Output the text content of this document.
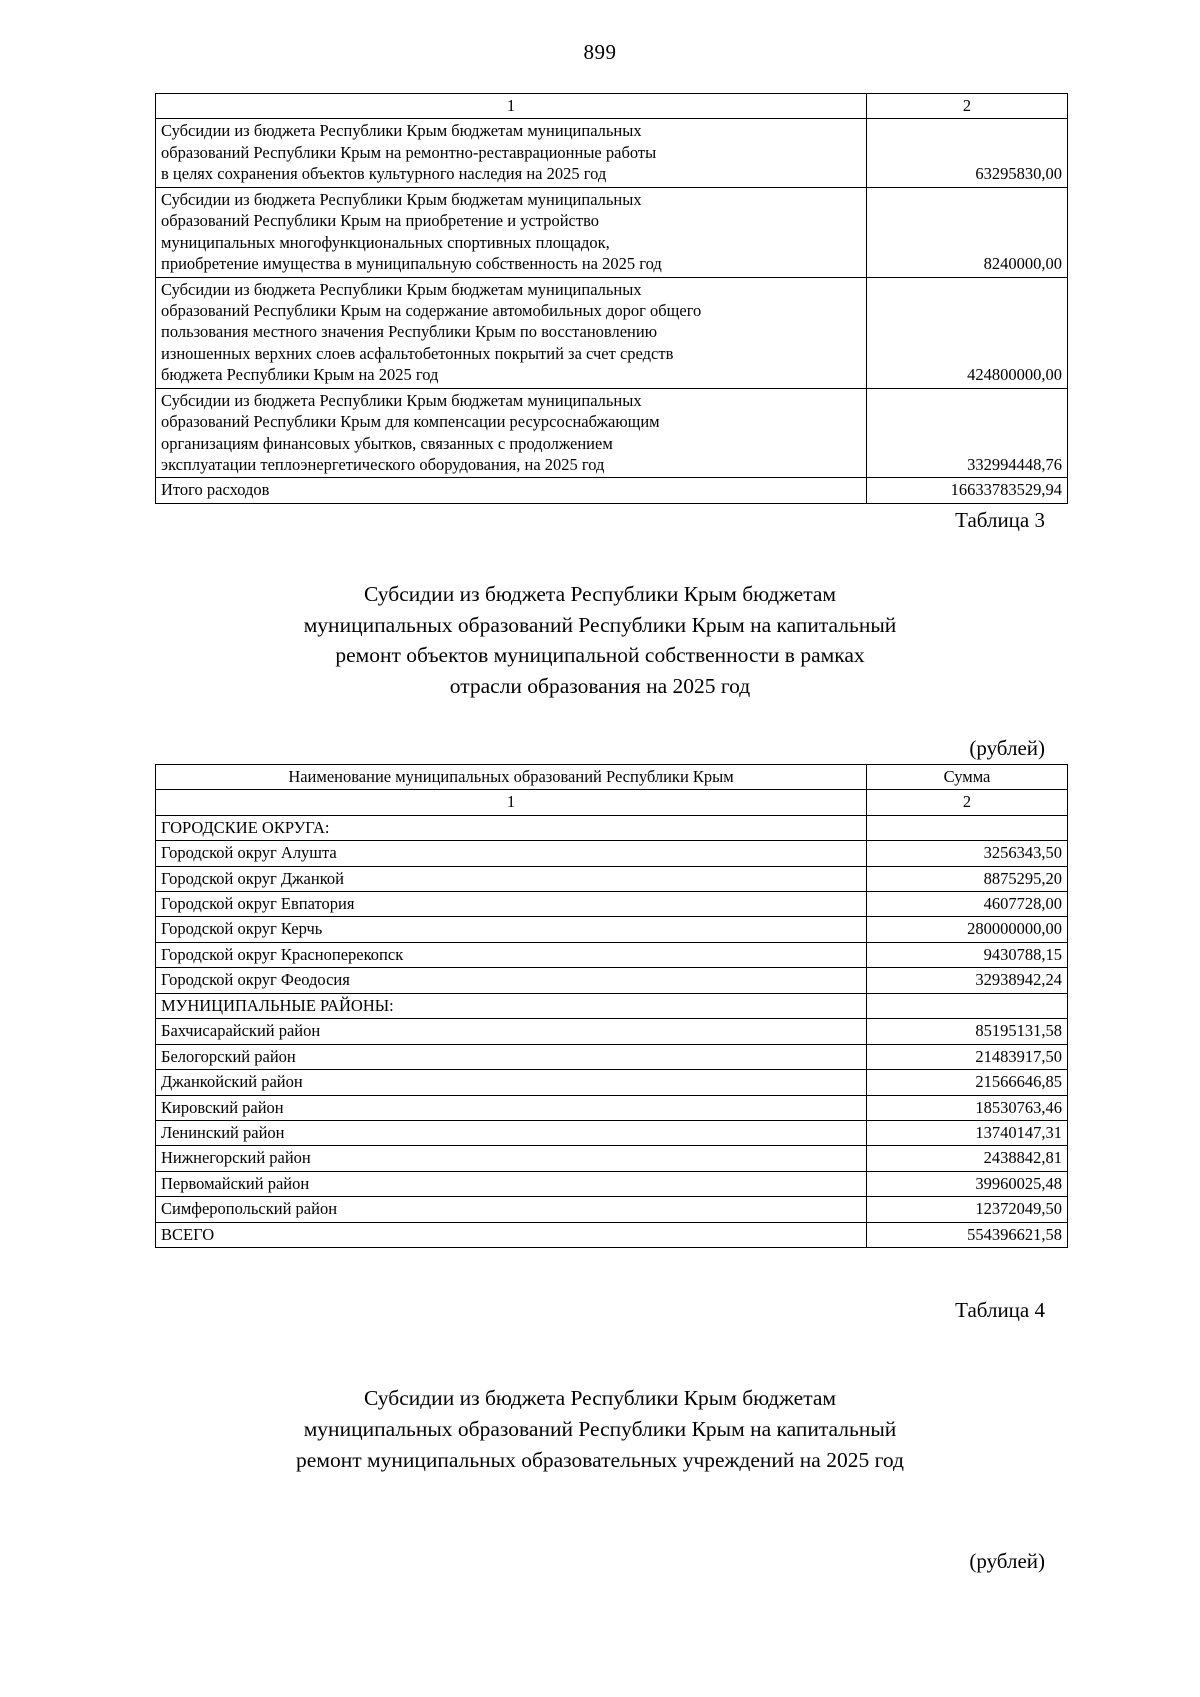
899
1	2

Субсидии из бюджета Республики Крым бюджетам муниципальных
образований Республики Крым на ремонтно-реставрационные работы
в целях сохранения объектов культурного наследия на 2025 год	63295830,00

Субсидии из бюджета Республики Крым бюджетам муниципальных
образований Республики Крым на приобретение и устройство
муниципальных многофункциональных спортивных площадок,
приобретение имущества в муниципальную собственность на 2025 год	8240000,00

Субсидии из бюджета Республики Крым бюджетам муниципальных
образований Республики Крым на содержание автомобильных дорог общего
пользования местного значения Республики Крым по восстановлению
изношенных верхних слоев асфальтобетонных покрытий за счет средств
бюджета Республики Крым на 2025 год	424800000,00

Субсидии из бюджета Республики Крым бюджетам муниципальных
образований Республики Крым для компенсации ресурсоснабжающим
организациям финансовых убытков, связанных с продолжением
эксплуатации теплоэнергетического оборудования, на 2025 год	332994448,76
Итого расходов	16633783529,94
Таблица 3
Субсидии из бюджета Республики Крым бюджетам
муниципальных образований Республики Крым на капитальный
ремонт объектов муниципальной собственности в рамках
отрасли образования на 2025 год
(рублей)
Наименование муниципальных образований Республики Крым	Сумма
1	2
ГОРОДСКИЕ ОКРУГА:	
Городской округ Алушта	3256343,50
Городской округ Джанкой	8875295,20
Городской округ Евпатория	4607728,00
Городской округ Керчь	280000000,00
Городской округ Красноперекопск	9430788,15
Городской округ Феодосия	32938942,24
МУНИЦИПАЛЬНЫЕ РАЙОНЫ:	
Бахчисарайский район	85195131,58
Белогорский район	21483917,50
Джанкойский район	21566646,85
Кировский район	18530763,46
Ленинский район	13740147,31
Нижнегорский район	2438842,81
Первомайский район	39960025,48
Симферопольский район	12372049,50
ВСЕГО	554396621,58
Таблица 4
Субсидии из бюджета Республики Крым бюджетам
муниципальных образований Республики Крым на капитальный
ремонт муниципальных образовательных учреждений на 2025 год
(рублей)
